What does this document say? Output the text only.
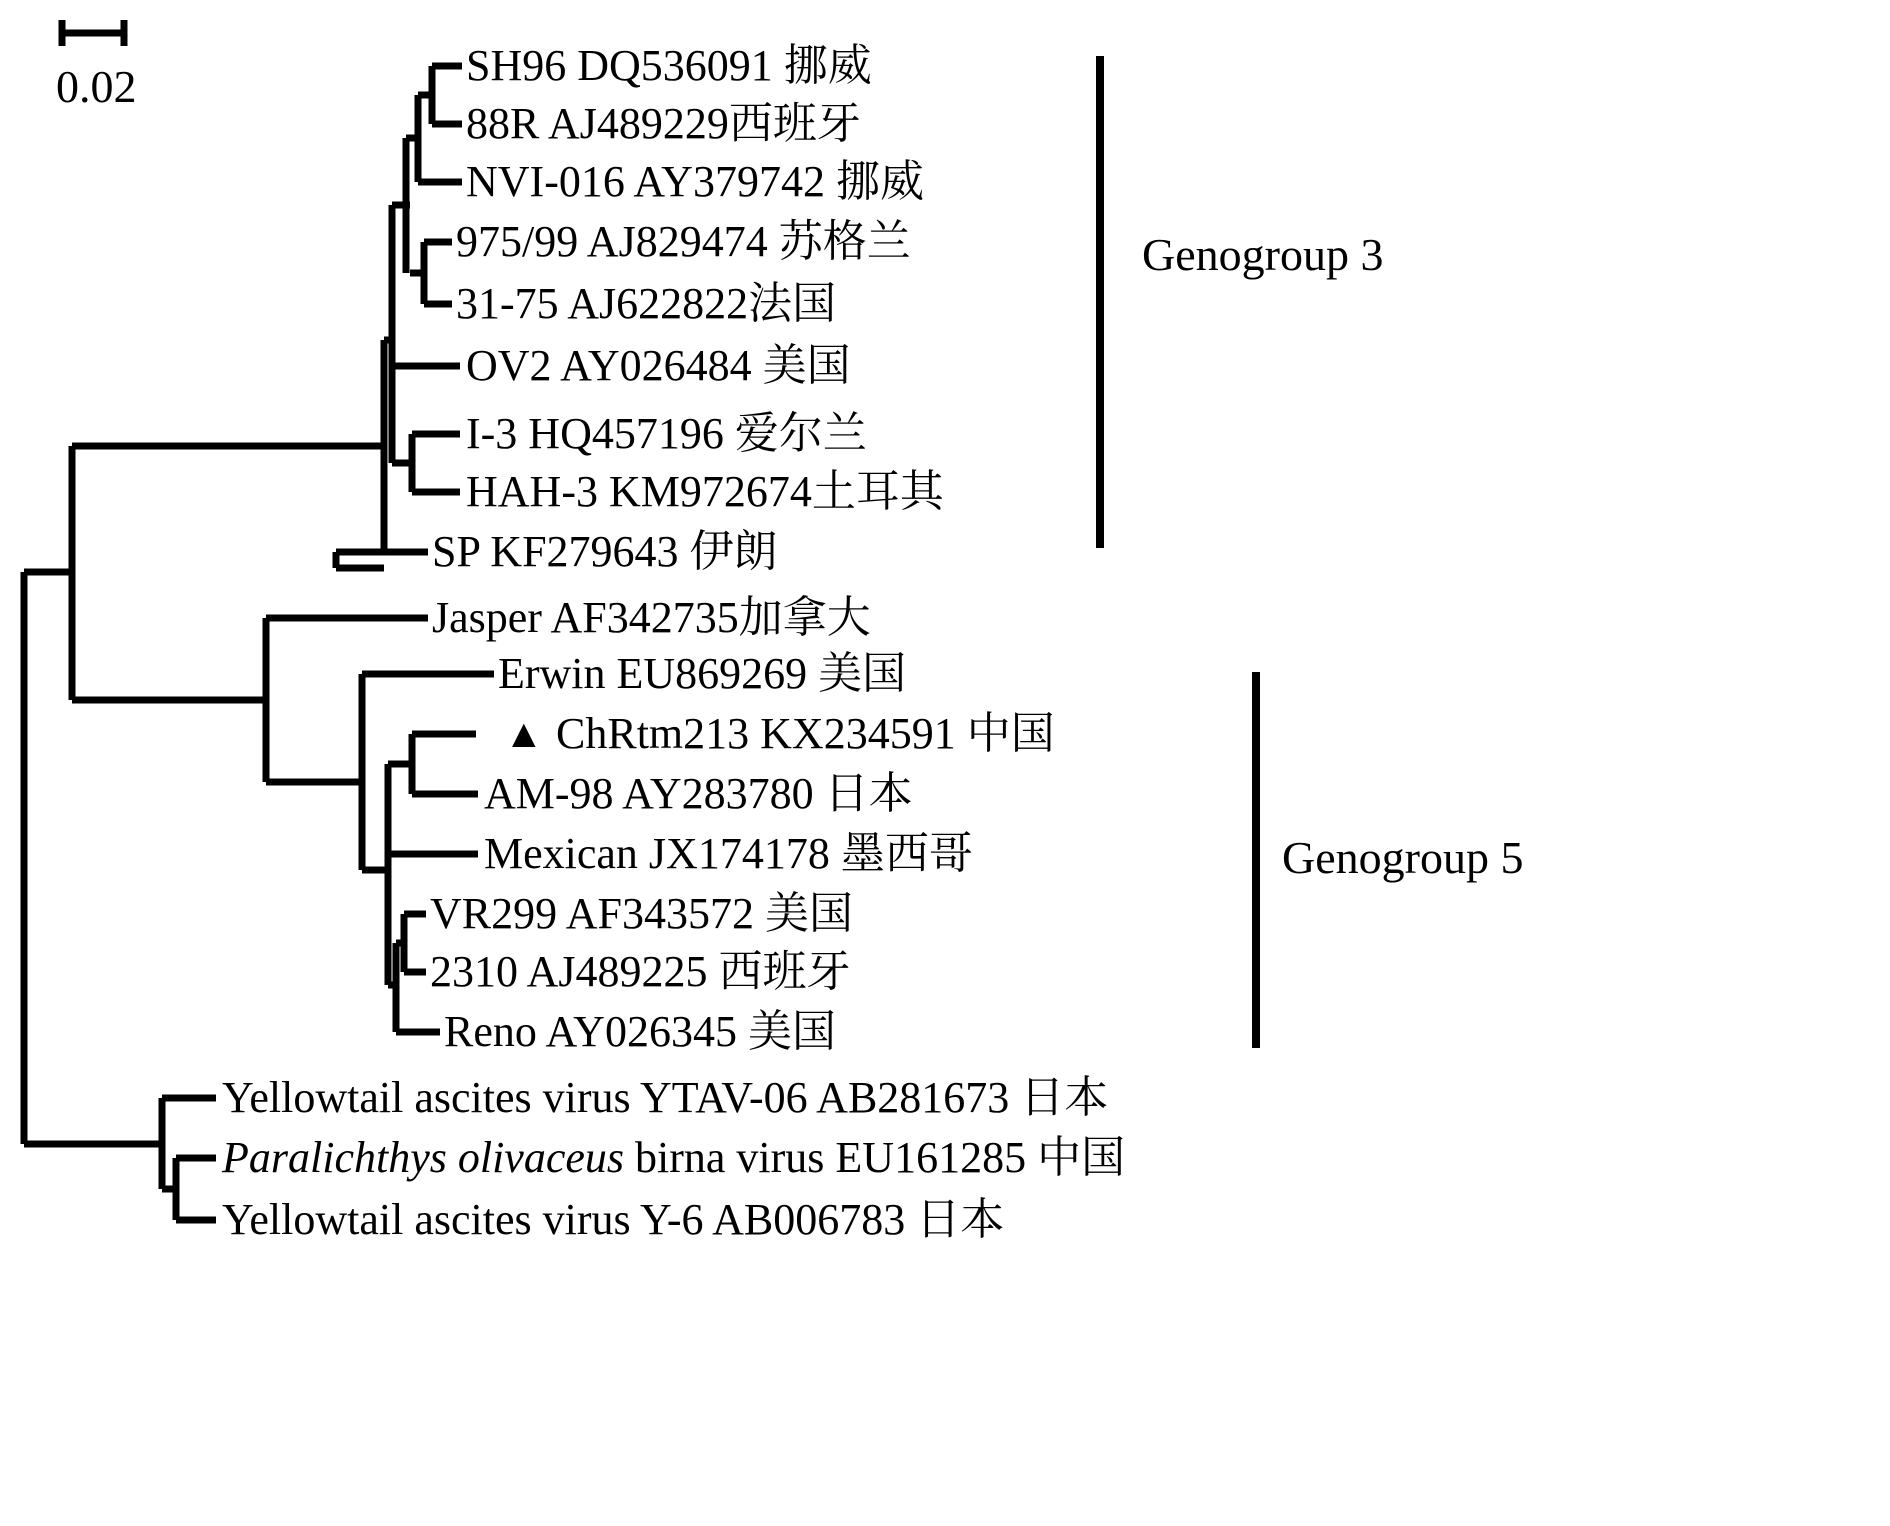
0.02
Genogroup 3
Genogroup 5
SH96 DQ536091 挪威
88R AJ489229西班牙
NVI-016 AY379742 挪威
975/99 AJ829474 苏格兰
31-75 AJ622822法国
OV2 AY026484 美国
I-3 HQ457196 爱尔兰
HAH-3 KM972674土耳其
SP KF279643 伊朗
Jasper AF342735加拿大
Erwin EU869269 美国
▲ ChRtm213 KX234591 中国
AM-98 AY283780 日本
Mexican JX174178 墨西哥
VR299 AF343572 美国
2310 AJ489225 西班牙
Reno AY026345 美国
Yellowtail ascites virus YTAV-06 AB281673 日本
Paralichthys olivaceus birna virus EU161285 中国
Yellowtail ascites virus Y-6 AB006783 日本
